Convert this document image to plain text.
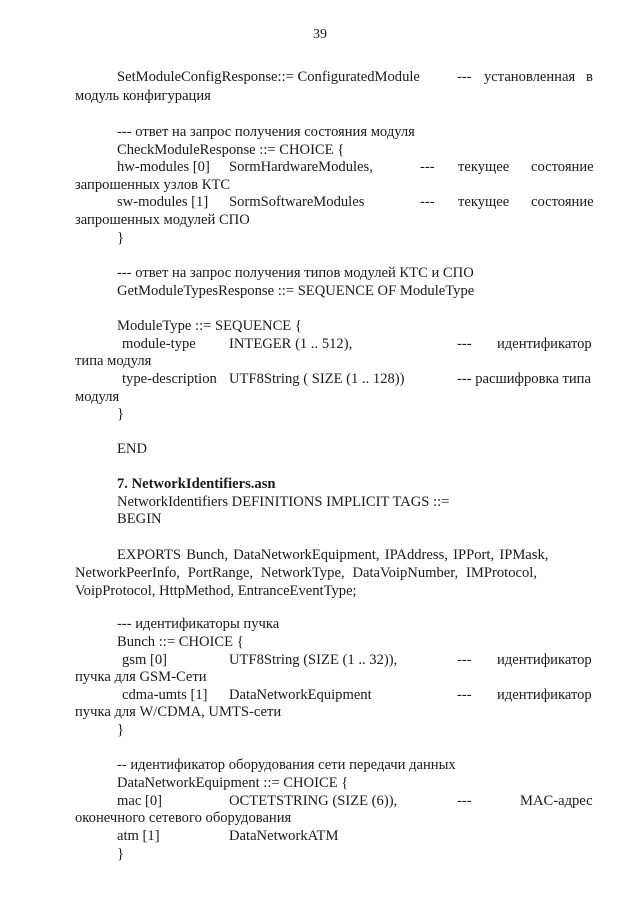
39
SetModuleConfigResponse::= ConfiguratedModule	--- установленная в
модуль конфигурация
--- ответ на запрос получения состояния модуля
CheckModuleResponse ::= CHOICE {
hw-modules [0] SormHardwareModules,	--- текущее состояние
запрошенных узлов КТС
sw-modules [1] SormSoftwareModules	--- текущее состояние
запрошенных модулей СПО
}
--- ответ на запрос получения типов модулей КТС и СПО
GetModuleTypesResponse ::= SEQUENCE OF ModuleType
ModuleType ::= SEQUENCE {
module-type INTEGER (1 .. 512),	--- идентификатор
типа модуля
type-description UTF8String ( SIZE (1 .. 128))	--- расшифровка типа
модуля
}
END
7. NetworkIdentifiers.asn
NetworkIdentifiers DEFINITIONS IMPLICIT TAGS ::=
BEGIN
EXPORTS Bunch, DataNetworkEquipment, IPAddress, IPPort, IPMask,
NetworkPeerInfo, PortRange, NetworkType, DataVoipNumber, IMProtocol,
VoipProtocol, HttpMethod, EntranceEventType;
--- идентификаторы пучка
Bunch ::= CHOICE {
gsm [0]	UTF8String (SIZE (1 .. 32)),	--- идентификатор
пучка для GSM-Сети
cdma-umts [1] DataNetworkEquipment	--- идентификатор
пучка для W/CDMA, UMTS-сети
}
-- идентификатор оборудования сети передачи данных
DataNetworkEquipment ::= CHOICE {
mac [0]	OCTETSTRING (SIZE (6)),	---	MAC-адрес
оконечного сетевого оборудования
atm [1]	DataNetworkATM
}
